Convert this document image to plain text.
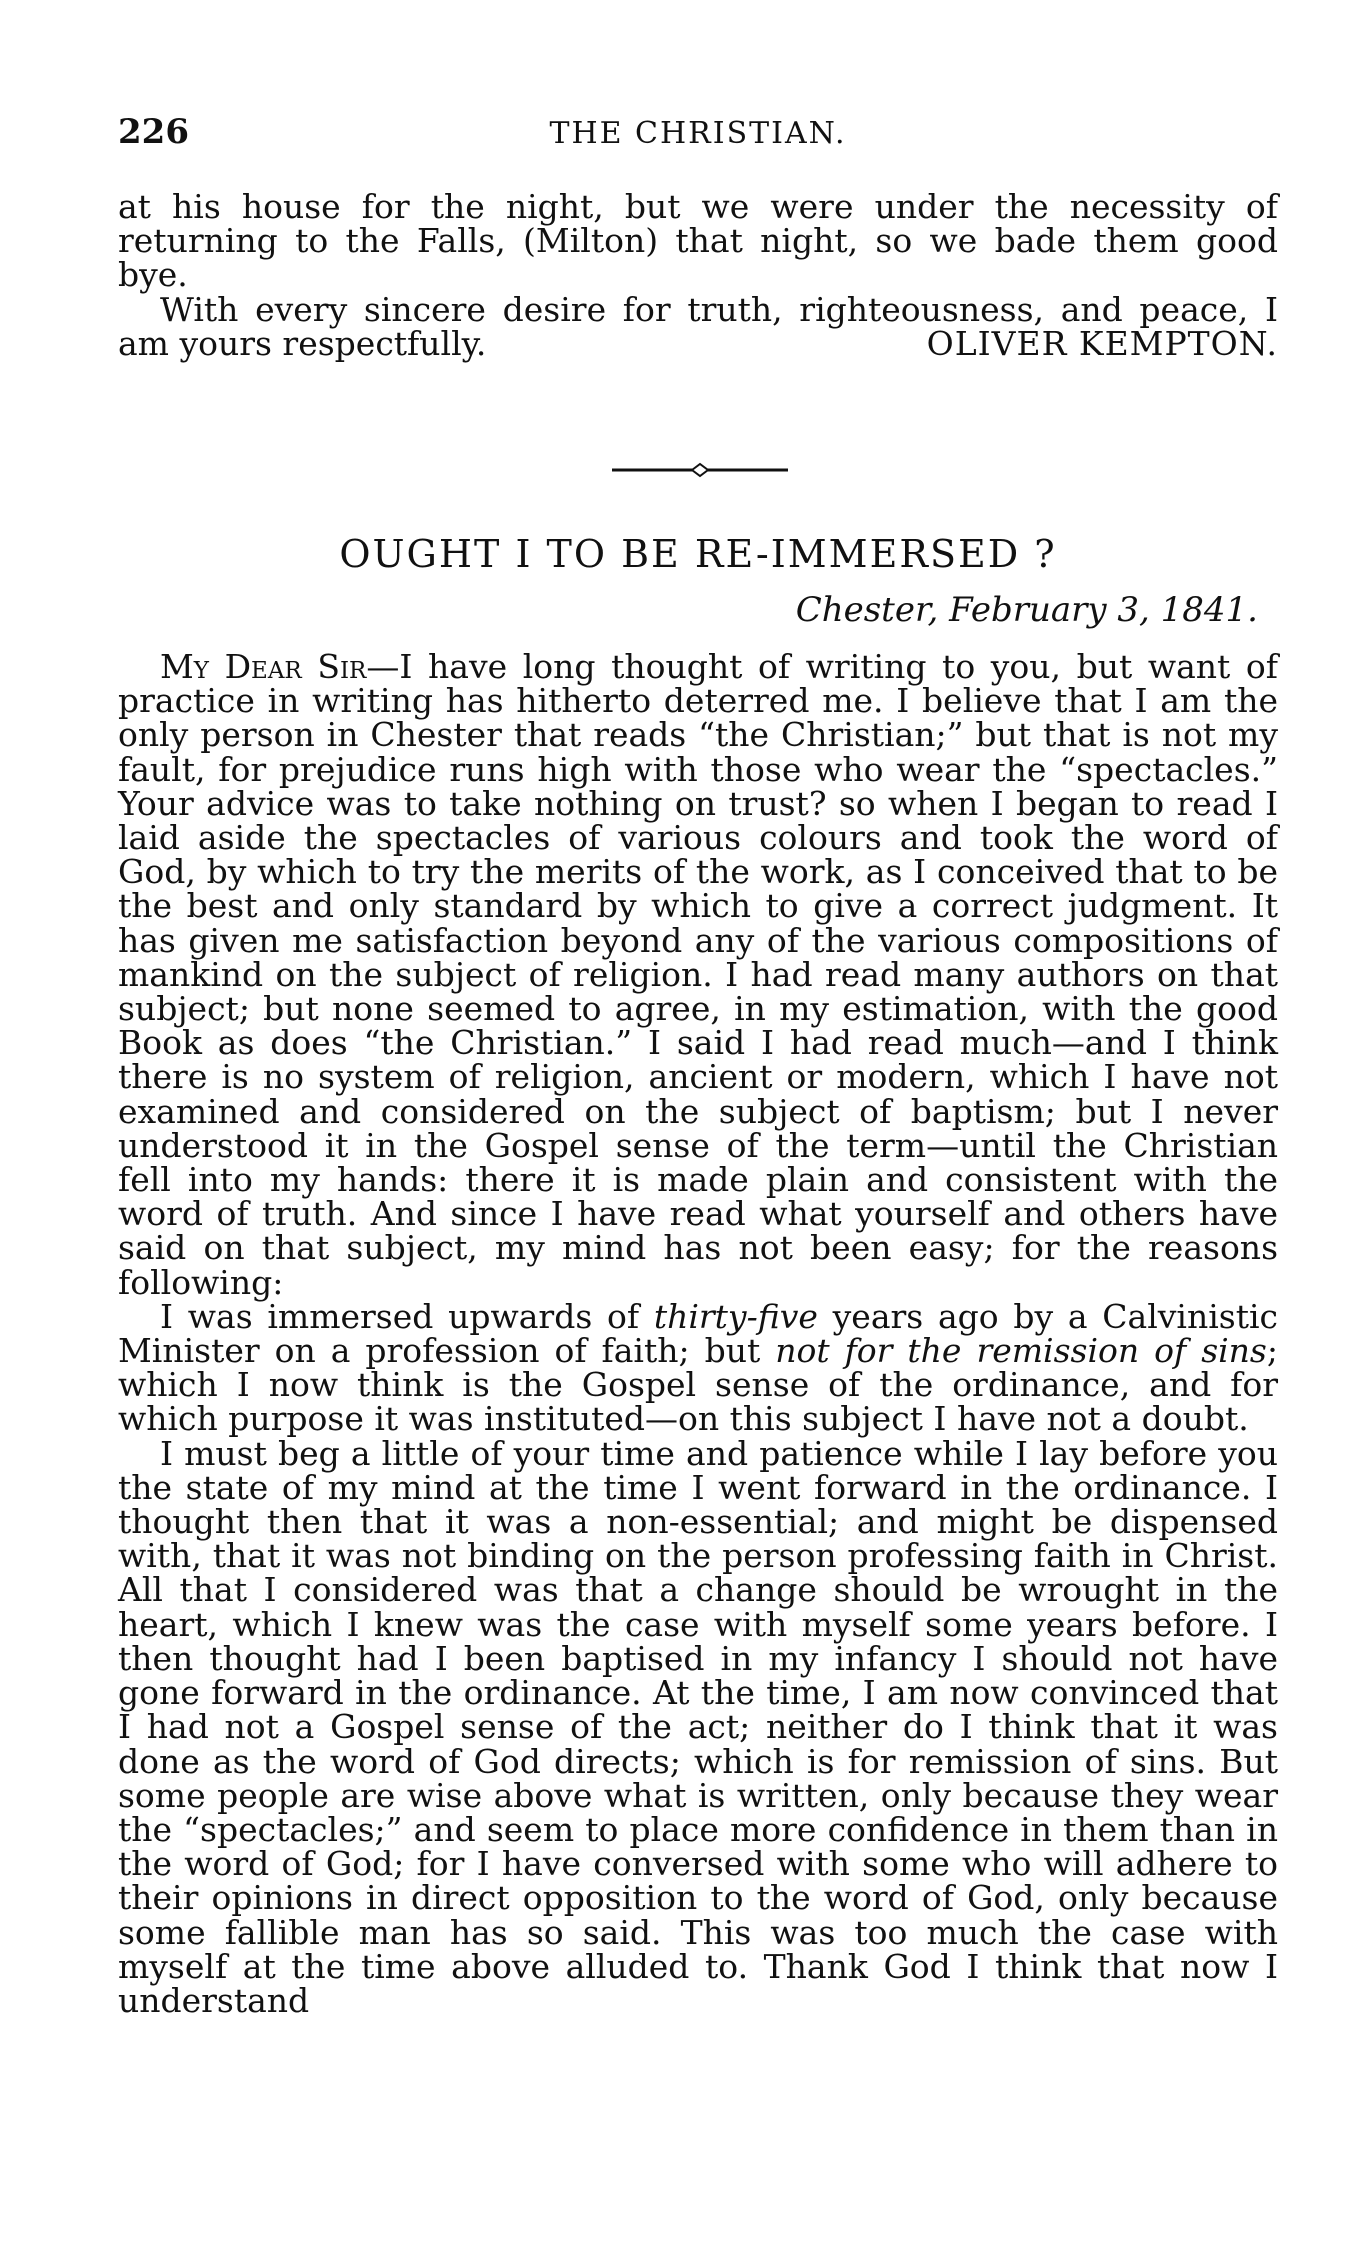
226	THE CHRISTIAN.

at his house for the night, but we were under the necessity of returning to the Falls, (Milton) that night, so we bade them good bye.

With every sincere desire for truth, righteousness, and peace, I am yours respectfully.	OLIVER KEMPTON.

OUGHT I TO BE RE-IMMERSED ?
Chester, February 3, 1841.

My Dear Sir—I have long thought of writing to you, but want of practice in writing has hitherto deterred me. I believe that I am the only person in Chester that reads “the Christian;” but that is not my fault, for prejudice runs high with those who wear the “spectacles.” Your advice was to take nothing on trust? so when I began to read I laid aside the spectacles of various colours and took the word of God, by which to try the merits of the work, as I conceived that to be the best and only standard by which to give a correct judgment. It has given me satisfaction beyond any of the various compositions of mankind on the subject of religion. I had read many authors on that subject; but none seemed to agree, in my estimation, with the good Book as does “the Christian.” I said I had read much—and I think there is no system of religion, ancient or modern, which I have not examined and considered on the subject of baptism; but I never understood it in the Gospel sense of the term—until the Christian fell into my hands: there it is made plain and consistent with the word of truth. And since I have read what yourself and others have said on that subject, my mind has not been easy; for the reasons following:

I was immersed upwards of thirty-five years ago by a Calvinistic Minister on a profession of faith; but not for the remission of sins; which I now think is the Gospel sense of the ordinance, and for which purpose it was instituted—on this subject I have not a doubt.

I must beg a little of your time and patience while I lay before you the state of my mind at the time I went forward in the ordinance. I thought then that it was a non-essential; and might be dispensed with, that it was not binding on the person professing faith in Christ. All that I considered was that a change should be wrought in the heart, which I knew was the case with myself some years before. I then thought had I been baptised in my infancy I should not have gone forward in the ordinance. At the time, I am now convinced that I had not a Gospel sense of the act; neither do I think that it was done as the word of God directs; which is for remission of sins. But some people are wise above what is written, only because they wear the “spectacles;” and seem to place more confidence in them than in the word of God; for I have conversed with some who will adhere to their opinions in direct opposition to the word of God, only because some fallible man has so said. This was too much the case with myself at the time above alluded to. Thank God I think that now I understand
